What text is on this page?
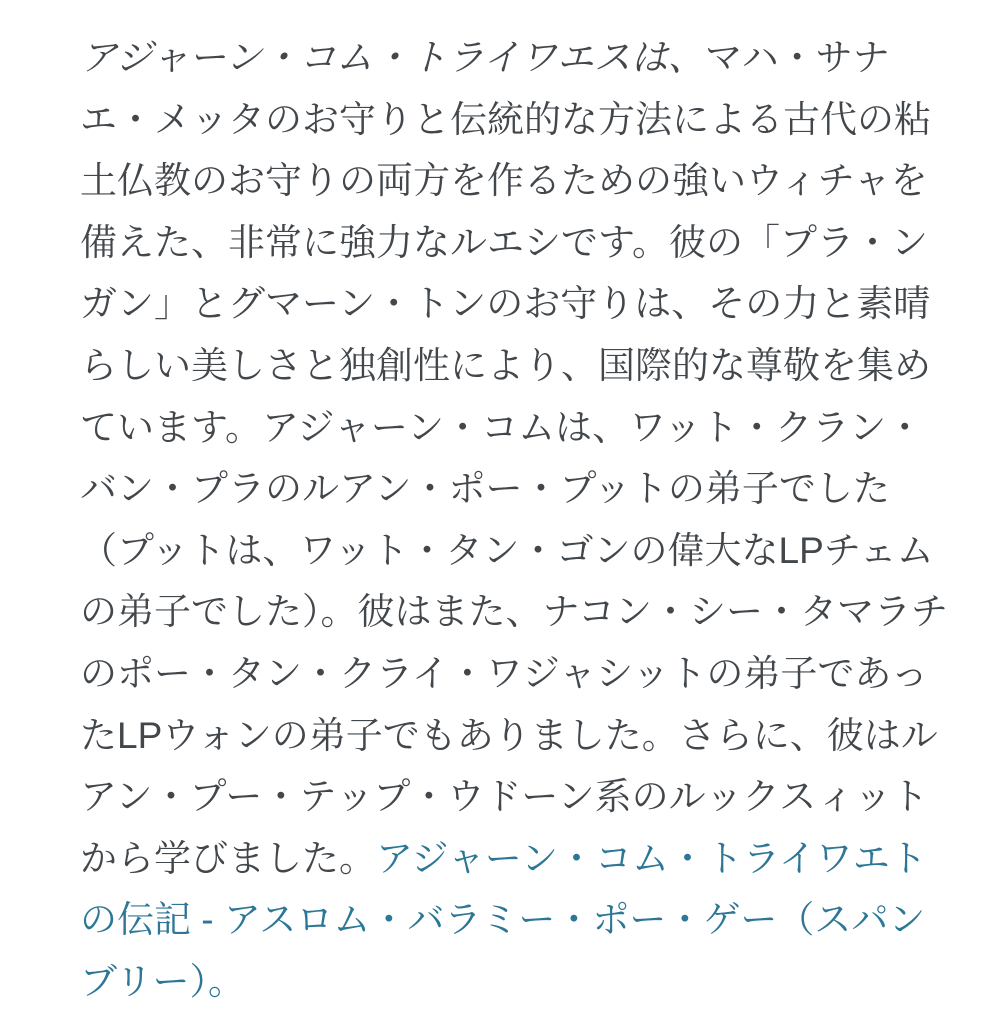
アジャーン・コム・トライワエスは、マハ・サナ
エ・メッタのお守りと伝統的な方法による古代の粘
土仏教のお守りの両方を作るための強いウィチャを
備えた、非常に強力なルエシです。彼の「プラ・ン
ガン」とグマーン・トンのお守りは、その力と素晴
らしい美しさと独創性により、国際的な尊敬を集め
ています。アジャーン・コムは、ワット・クラン・
バン・プラのルアン・ポー・プットの弟子でした
（プットは、ワット・タン・ゴンの偉大なLPチェム
の弟子でした）。彼はまた、ナコン・シー・タマラチ
のポー・タン・クライ・ワジャシットの弟子であっ
たLPウォンの弟子でもありました。さらに、彼はル
アン・プー・テップ・ウドーン系のルックスィット
から学びました。アジャーン・コム・トライワエト
の伝記 - アスロム・バラミー・ポー・ゲー（スパン
ブリー）。
